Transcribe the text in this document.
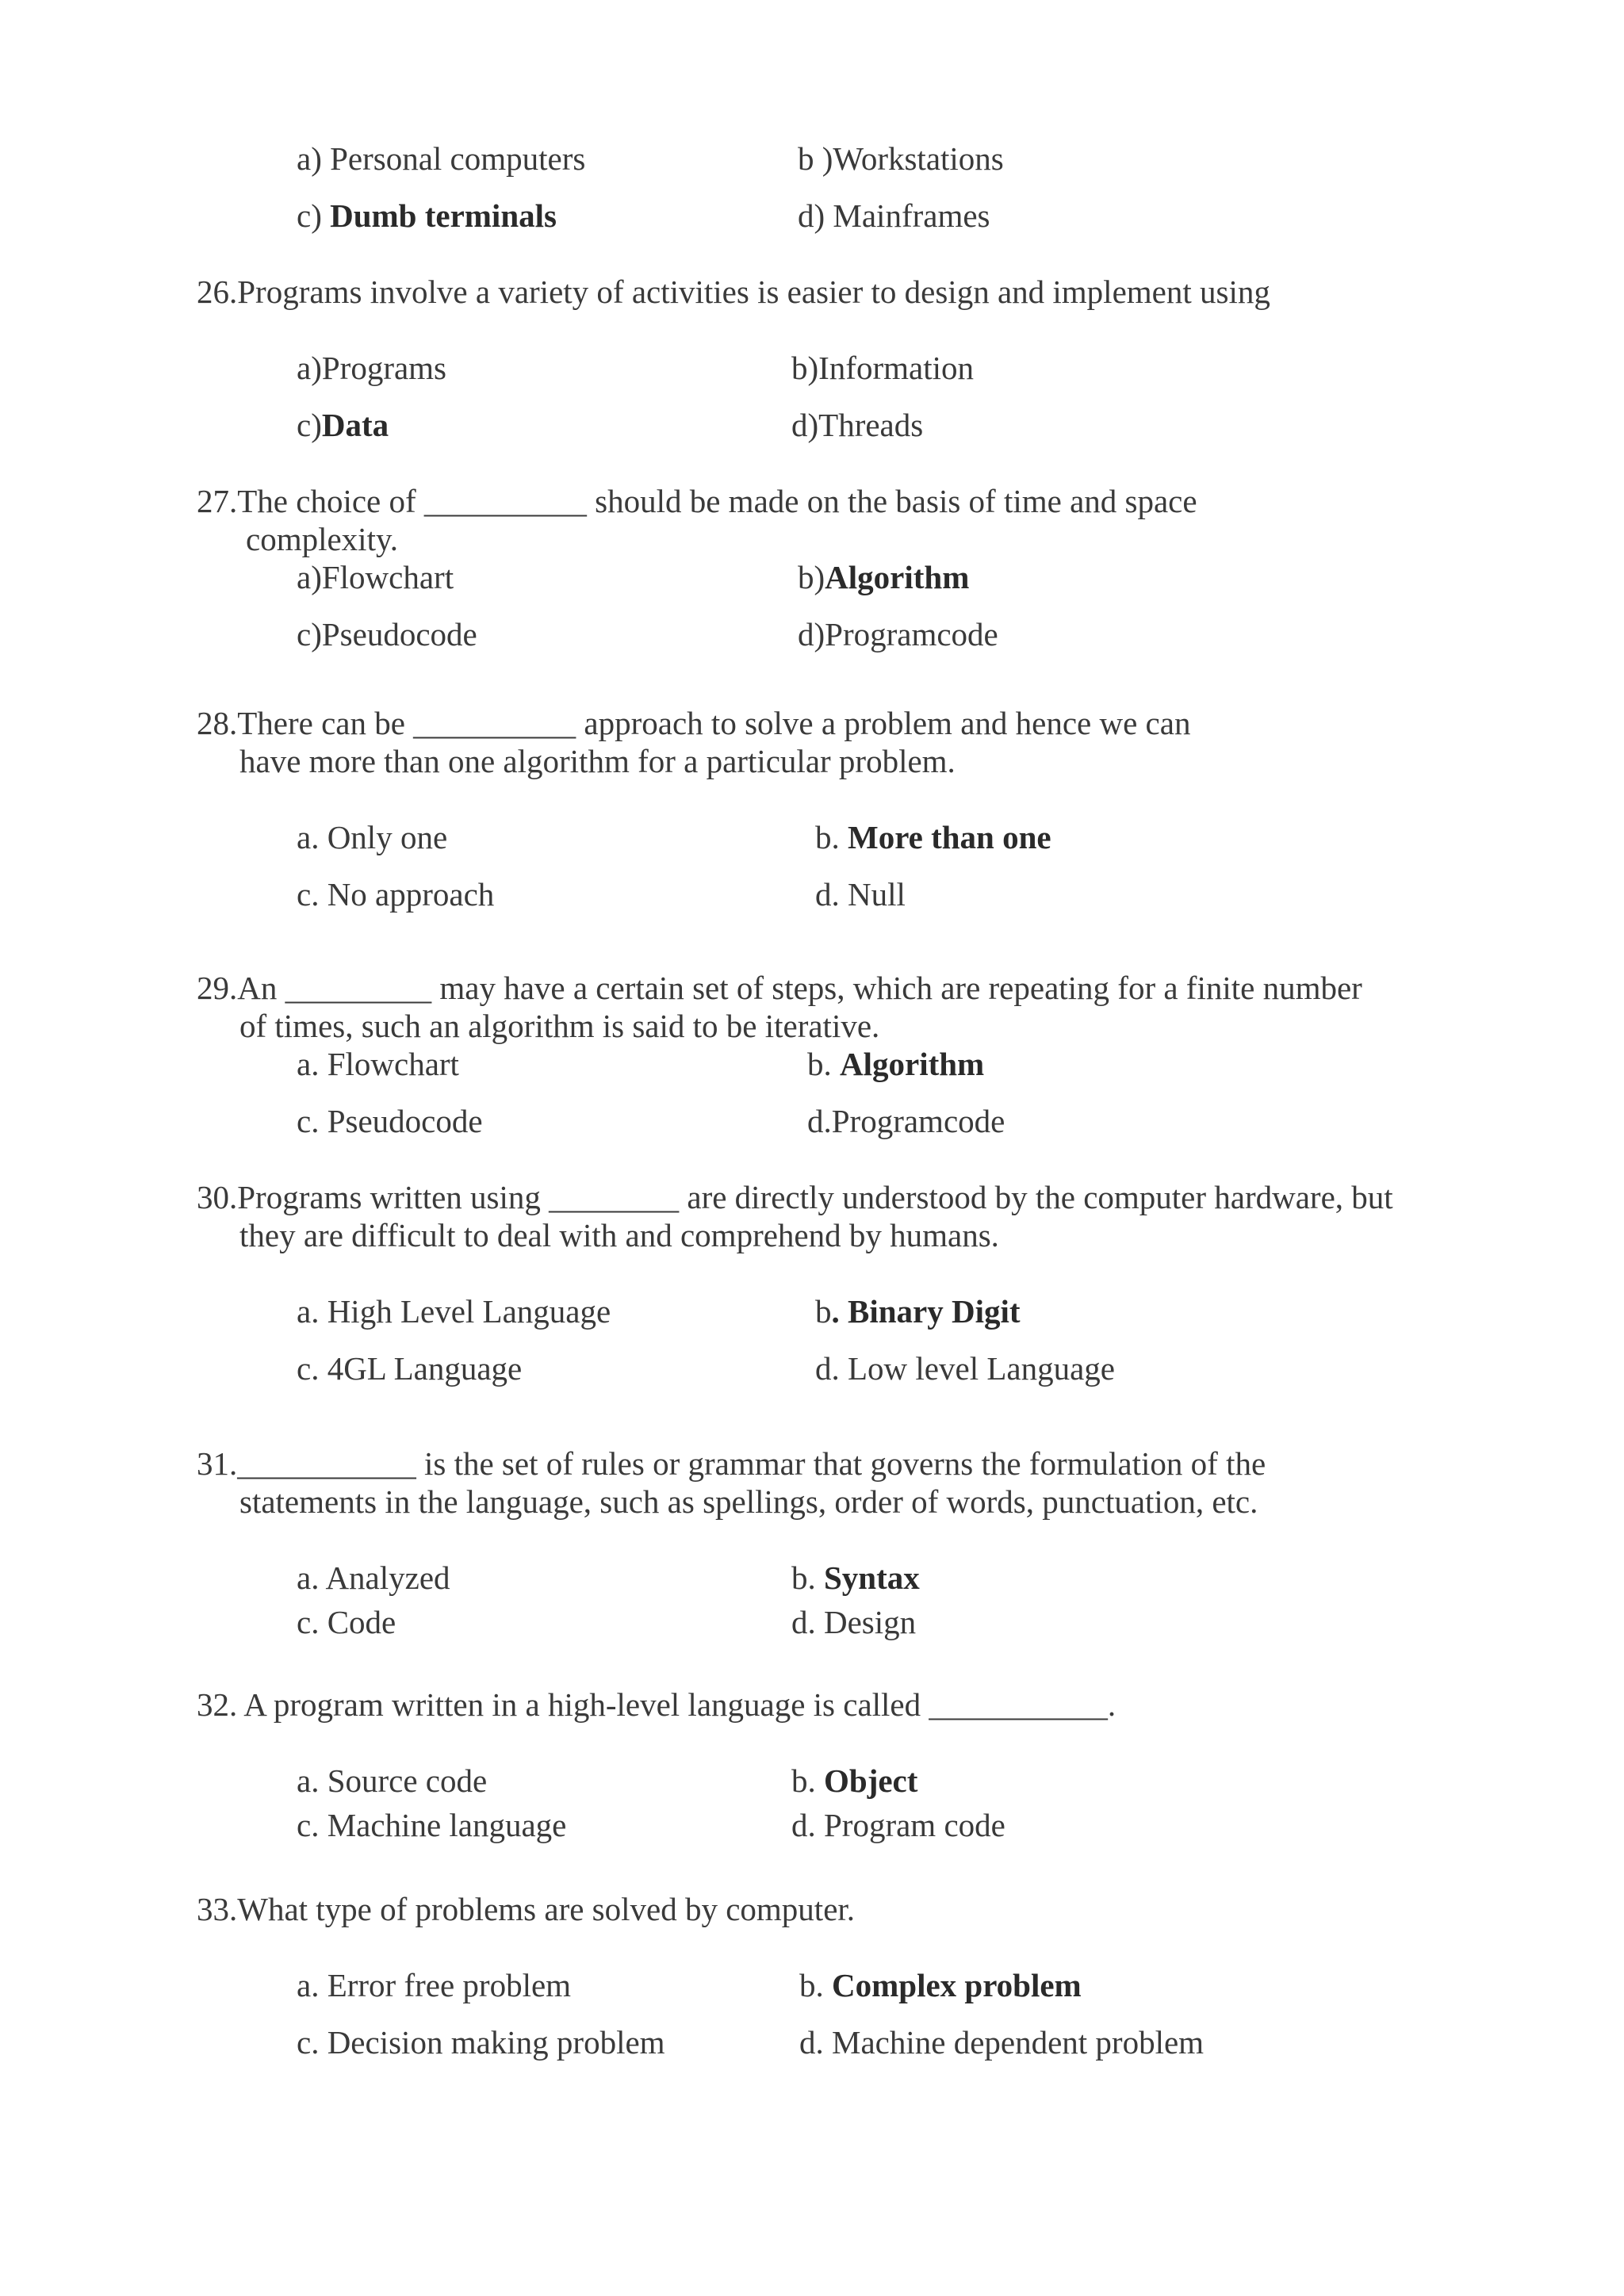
a) Personal computers	b )Workstations
c) Dumb terminals	d) Mainframes
26.Programs involve a variety of activities is easier to design and implement using
a)Programs	b)Information
c)Data	d)Threads
27.The choice of __________ should be made on the basis of time and space
complexity.
a)Flowchart	b)Algorithm
c)Pseudocode	d)Programcode
28.There can be __________ approach to solve a problem and hence we can
have more than one algorithm for a particular problem.
a. Only one	b. More than one
c. No approach	d. Null
29.An _________ may have a certain set of steps, which are repeating for a finite number
of times, such an algorithm is said to be iterative.
a. Flowchart	b. Algorithm
c. Pseudocode	d.Programcode
30.Programs written using ________ are directly understood by the computer hardware, but
they are difficult to deal with and comprehend by humans.
a. High Level Language	b. Binary Digit
c. 4GL Language	d. Low level Language
31.___________ is the set of rules or grammar that governs the formulation of the
statements in the language, such as spellings, order of words, punctuation, etc.
a. Analyzed	b. Syntax
c. Code	d. Design
32. A program written in a high-level language is called ___________.
a. Source code	b. Object
c. Machine language	d. Program code
33.What type of problems are solved by computer.
a. Error free problem	b. Complex problem
c. Decision making problem	d. Machine dependent problem
